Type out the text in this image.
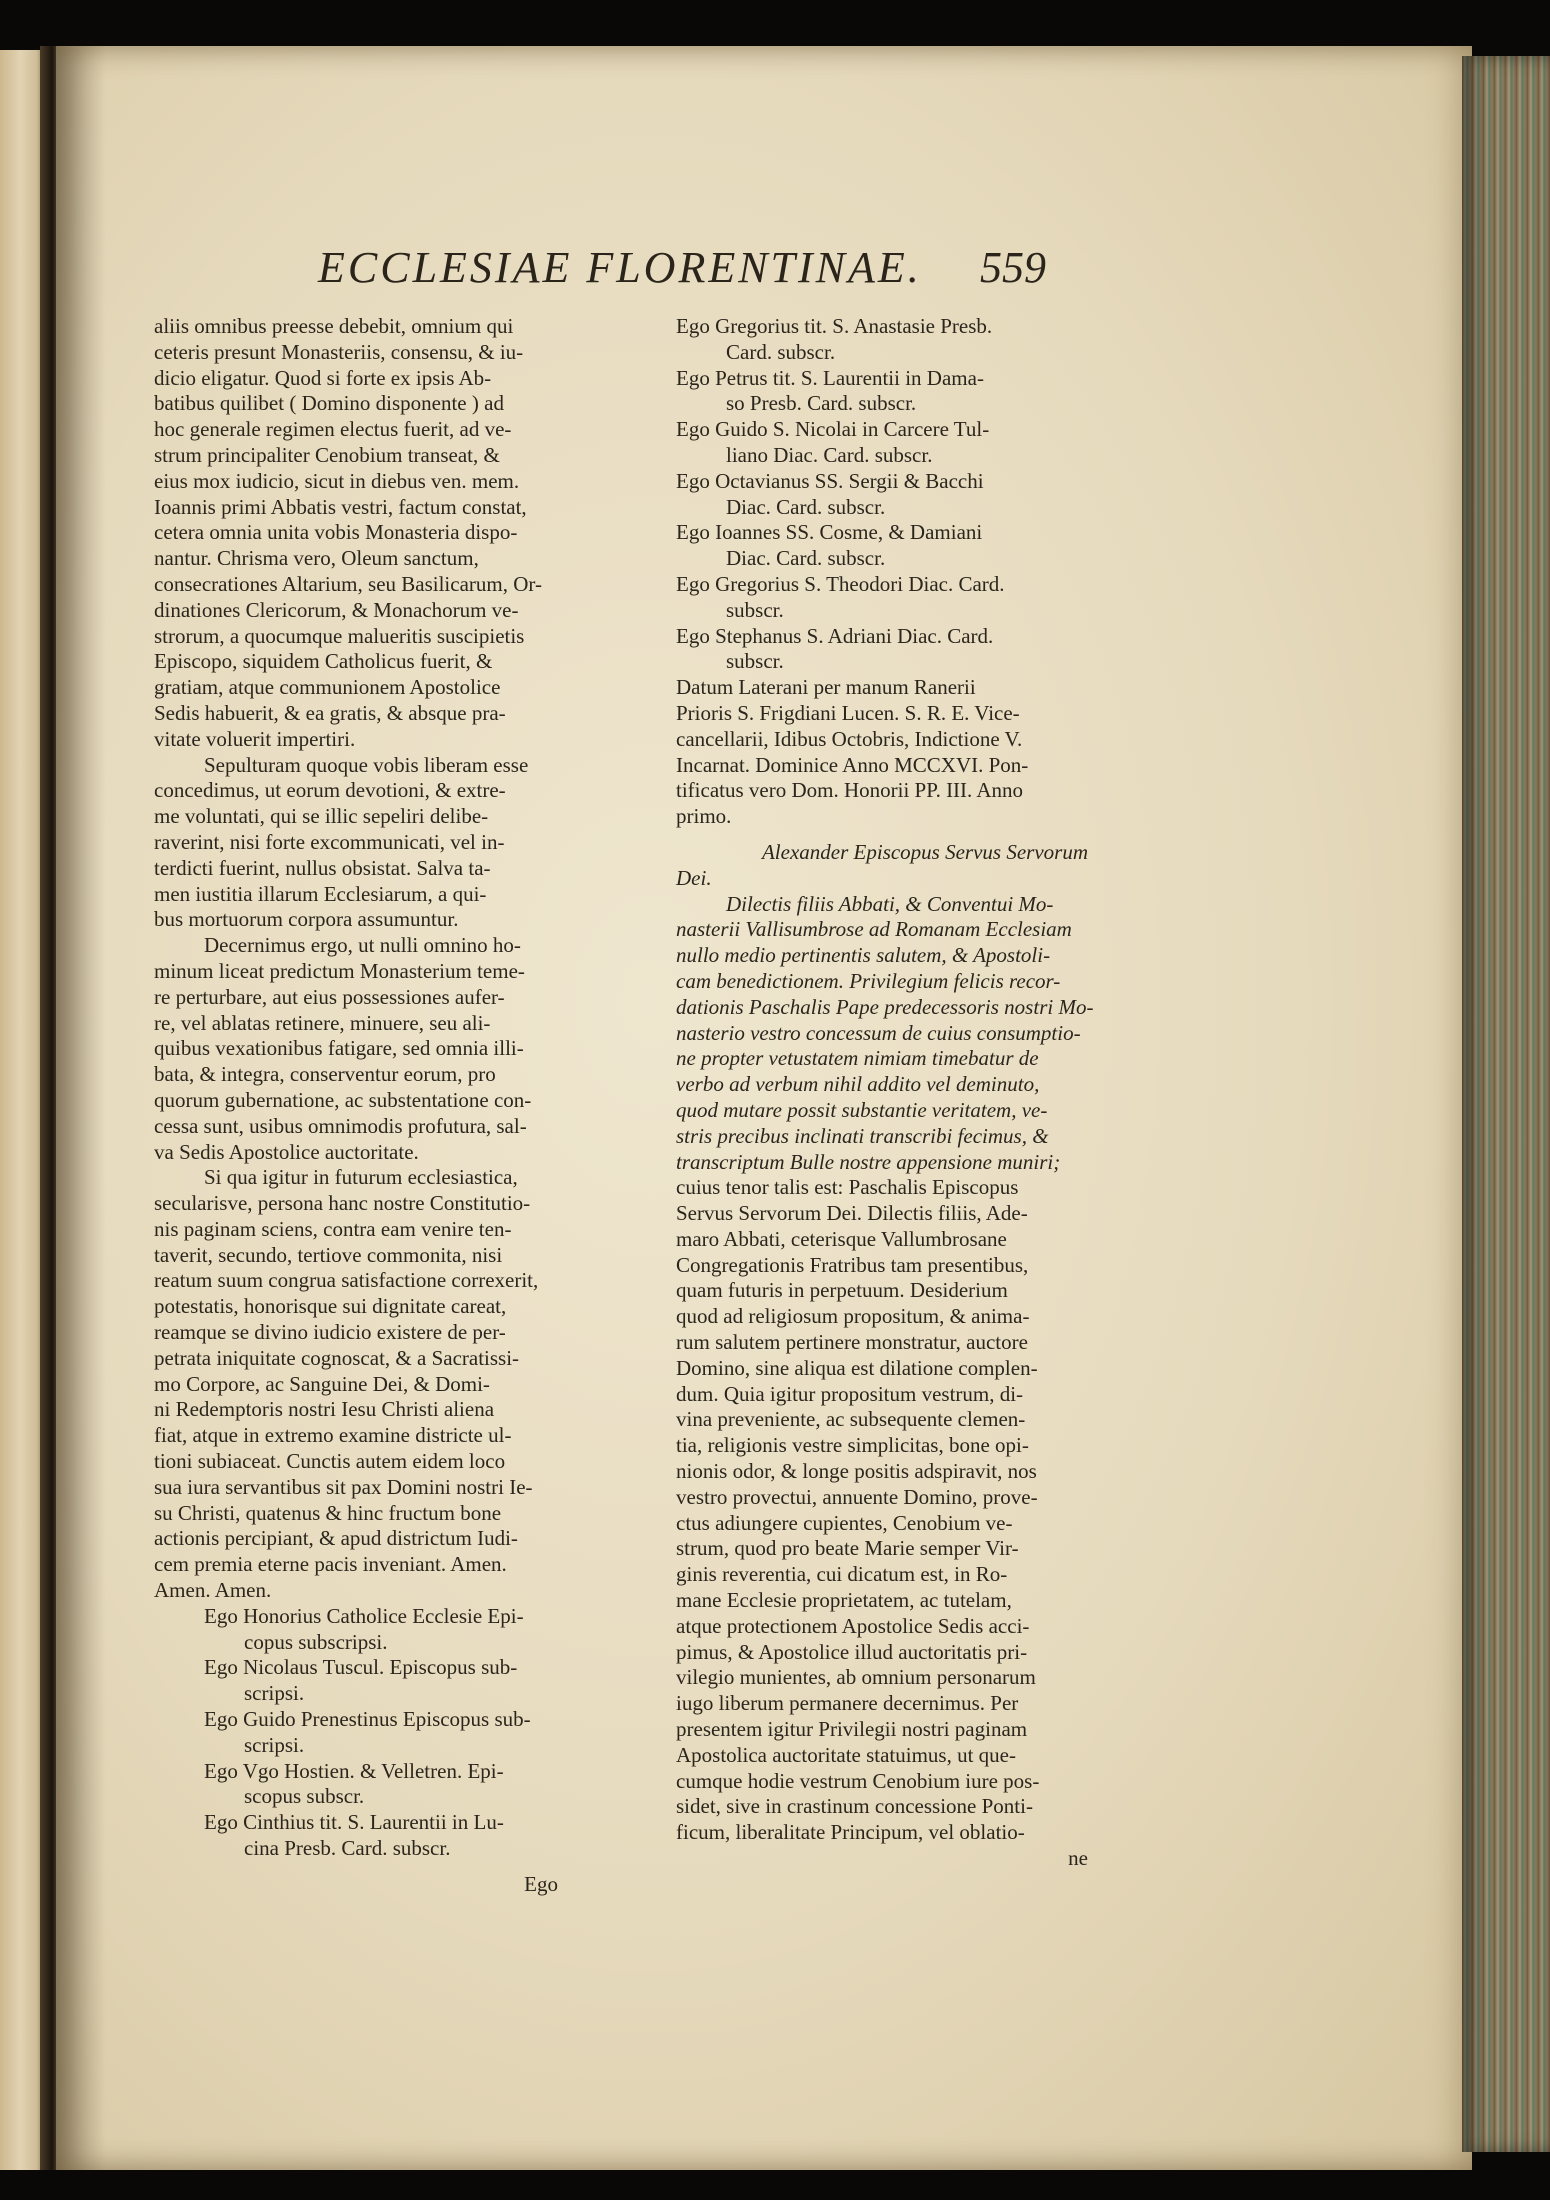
ECCLESIAE FLORENTINAE.	559
aliis omnibus preesse debebit, omnium qui
ceteris presunt Monasteriis, consensu, & iu-
dicio eligatur. Quod si forte ex ipsis Ab-
batibus quilibet ( Domino disponente ) ad
hoc generale regimen electus fuerit, ad ve-
strum principaliter Cenobium transeat, &
eius mox iudicio, sicut in diebus ven. mem.
Ioannis primi Abbatis vestri, factum constat,
cetera omnia unita vobis Monasteria dispo-
nantur. Chrisma vero, Oleum sanctum,
consecrationes Altarium, seu Basilicarum, Or-
dinationes Clericorum, & Monachorum ve-
strorum, a quocumque malueritis suscipietis
Episcopo, siquidem Catholicus fuerit, &
gratiam, atque communionem Apostolice
Sedis habuerit, & ea gratis, & absque pra-
vitate voluerit impertiri.
Sepulturam quoque vobis liberam esse
concedimus, ut eorum devotioni, & extre-
me voluntati, qui se illic sepeliri delibe-
raverint, nisi forte excommunicati, vel in-
terdicti fuerint, nullus obsistat. Salva ta-
men iustitia illarum Ecclesiarum, a qui-
bus mortuorum corpora assumuntur.
Decernimus ergo, ut nulli omnino ho-
minum liceat predictum Monasterium teme-
re perturbare, aut eius possessiones aufer-
re, vel ablatas retinere, minuere, seu ali-
quibus vexationibus fatigare, sed omnia illi-
bata, & integra, conserventur eorum, pro
quorum gubernatione, ac substentatione con-
cessa sunt, usibus omnimodis profutura, sal-
va Sedis Apostolice auctoritate.
Si qua igitur in futurum ecclesiastica,
secularisve, persona hanc nostre Constitutio-
nis paginam sciens, contra eam venire ten-
taverit, secundo, tertiove commonita, nisi
reatum suum congrua satisfactione correxerit,
potestatis, honorisque sui dignitate careat,
reamque se divino iudicio existere de per-
petrata iniquitate cognoscat, & a Sacratissi-
mo Corpore, ac Sanguine Dei, & Domi-
ni Redemptoris nostri Iesu Christi aliena
fiat, atque in extremo examine districte ul-
tioni subiaceat. Cunctis autem eidem loco
sua iura servantibus sit pax Domini nostri Ie-
su Christi, quatenus & hinc fructum bone
actionis percipiant, & apud districtum Iudi-
cem premia eterne pacis inveniant. Amen.
Amen. Amen.
Ego Honorius Catholice Ecclesie Epi-
copus subscripsi.
Ego Nicolaus Tuscul. Episcopus sub-
scripsi.
Ego Guido Prenestinus Episcopus sub-
scripsi.
Ego Vgo Hostien. & Velletren. Epi-
scopus subscr.
Ego Cinthius tit. S. Laurentii in Lu-
cina Presb. Card. subscr.
Ego
Ego Gregorius tit. S. Anastasie Presb.
Card. subscr.
Ego Petrus tit. S. Laurentii in Dama-
so Presb. Card. subscr.
Ego Guido S. Nicolai in Carcere Tul-
liano Diac. Card. subscr.
Ego Octavianus SS. Sergii & Bacchi
Diac. Card. subscr.
Ego Ioannes SS. Cosme, & Damiani
Diac. Card. subscr.
Ego Gregorius S. Theodori Diac. Card.
subscr.
Ego Stephanus S. Adriani Diac. Card.
subscr.
Datum Laterani per manum Ranerii
Prioris S. Frigdiani Lucen. S. R. E. Vice-
cancellarii, Idibus Octobris, Indictione V.
Incarnat. Dominice Anno MCCXVI. Pon-
tificatus vero Dom. Honorii PP. III. Anno
primo.
Alexander Episcopus Servus Servorum
Dei.
Dilectis filiis Abbati, & Conventui Mo-
nasterii Vallisumbrose ad Romanam Ecclesiam
nullo medio pertinentis salutem, & Apostoli-
cam benedictionem. Privilegium felicis recor-
dationis Paschalis Pape predecessoris nostri Mo-
nasterio vestro concessum de cuius consumptio-
ne propter vetustatem nimiam timebatur de
verbo ad verbum nihil addito vel deminuto,
quod mutare possit substantie veritatem, ve-
stris precibus inclinati transcribi fecimus, &
transcriptum Bulle nostre appensione muniri;
cuius tenor talis est: Paschalis Episcopus
Servus Servorum Dei. Dilectis filiis, Ade-
maro Abbati, ceterisque Vallumbrosane
Congregationis Fratribus tam presentibus,
quam futuris in perpetuum. Desiderium
quod ad religiosum propositum, & anima-
rum salutem pertinere monstratur, auctore
Domino, sine aliqua est dilatione complen-
dum. Quia igitur propositum vestrum, di-
vina preveniente, ac subsequente clemen-
tia, religionis vestre simplicitas, bone opi-
nionis odor, & longe positis adspiravit, nos
vestro provectui, annuente Domino, prove-
ctus adiungere cupientes, Cenobium ve-
strum, quod pro beate Marie semper Vir-
ginis reverentia, cui dicatum est, in Ro-
mane Ecclesie proprietatem, ac tutelam,
atque protectionem Apostolice Sedis acci-
pimus, & Apostolice illud auctoritatis pri-
vilegio munientes, ab omnium personarum
iugo liberum permanere decernimus. Per
presentem igitur Privilegii nostri paginam
Apostolica auctoritate statuimus, ut que-
cumque hodie vestrum Cenobium iure pos-
sidet, sive in crastinum concessione Ponti-
ficum, liberalitate Principum, vel oblatio-
ne
